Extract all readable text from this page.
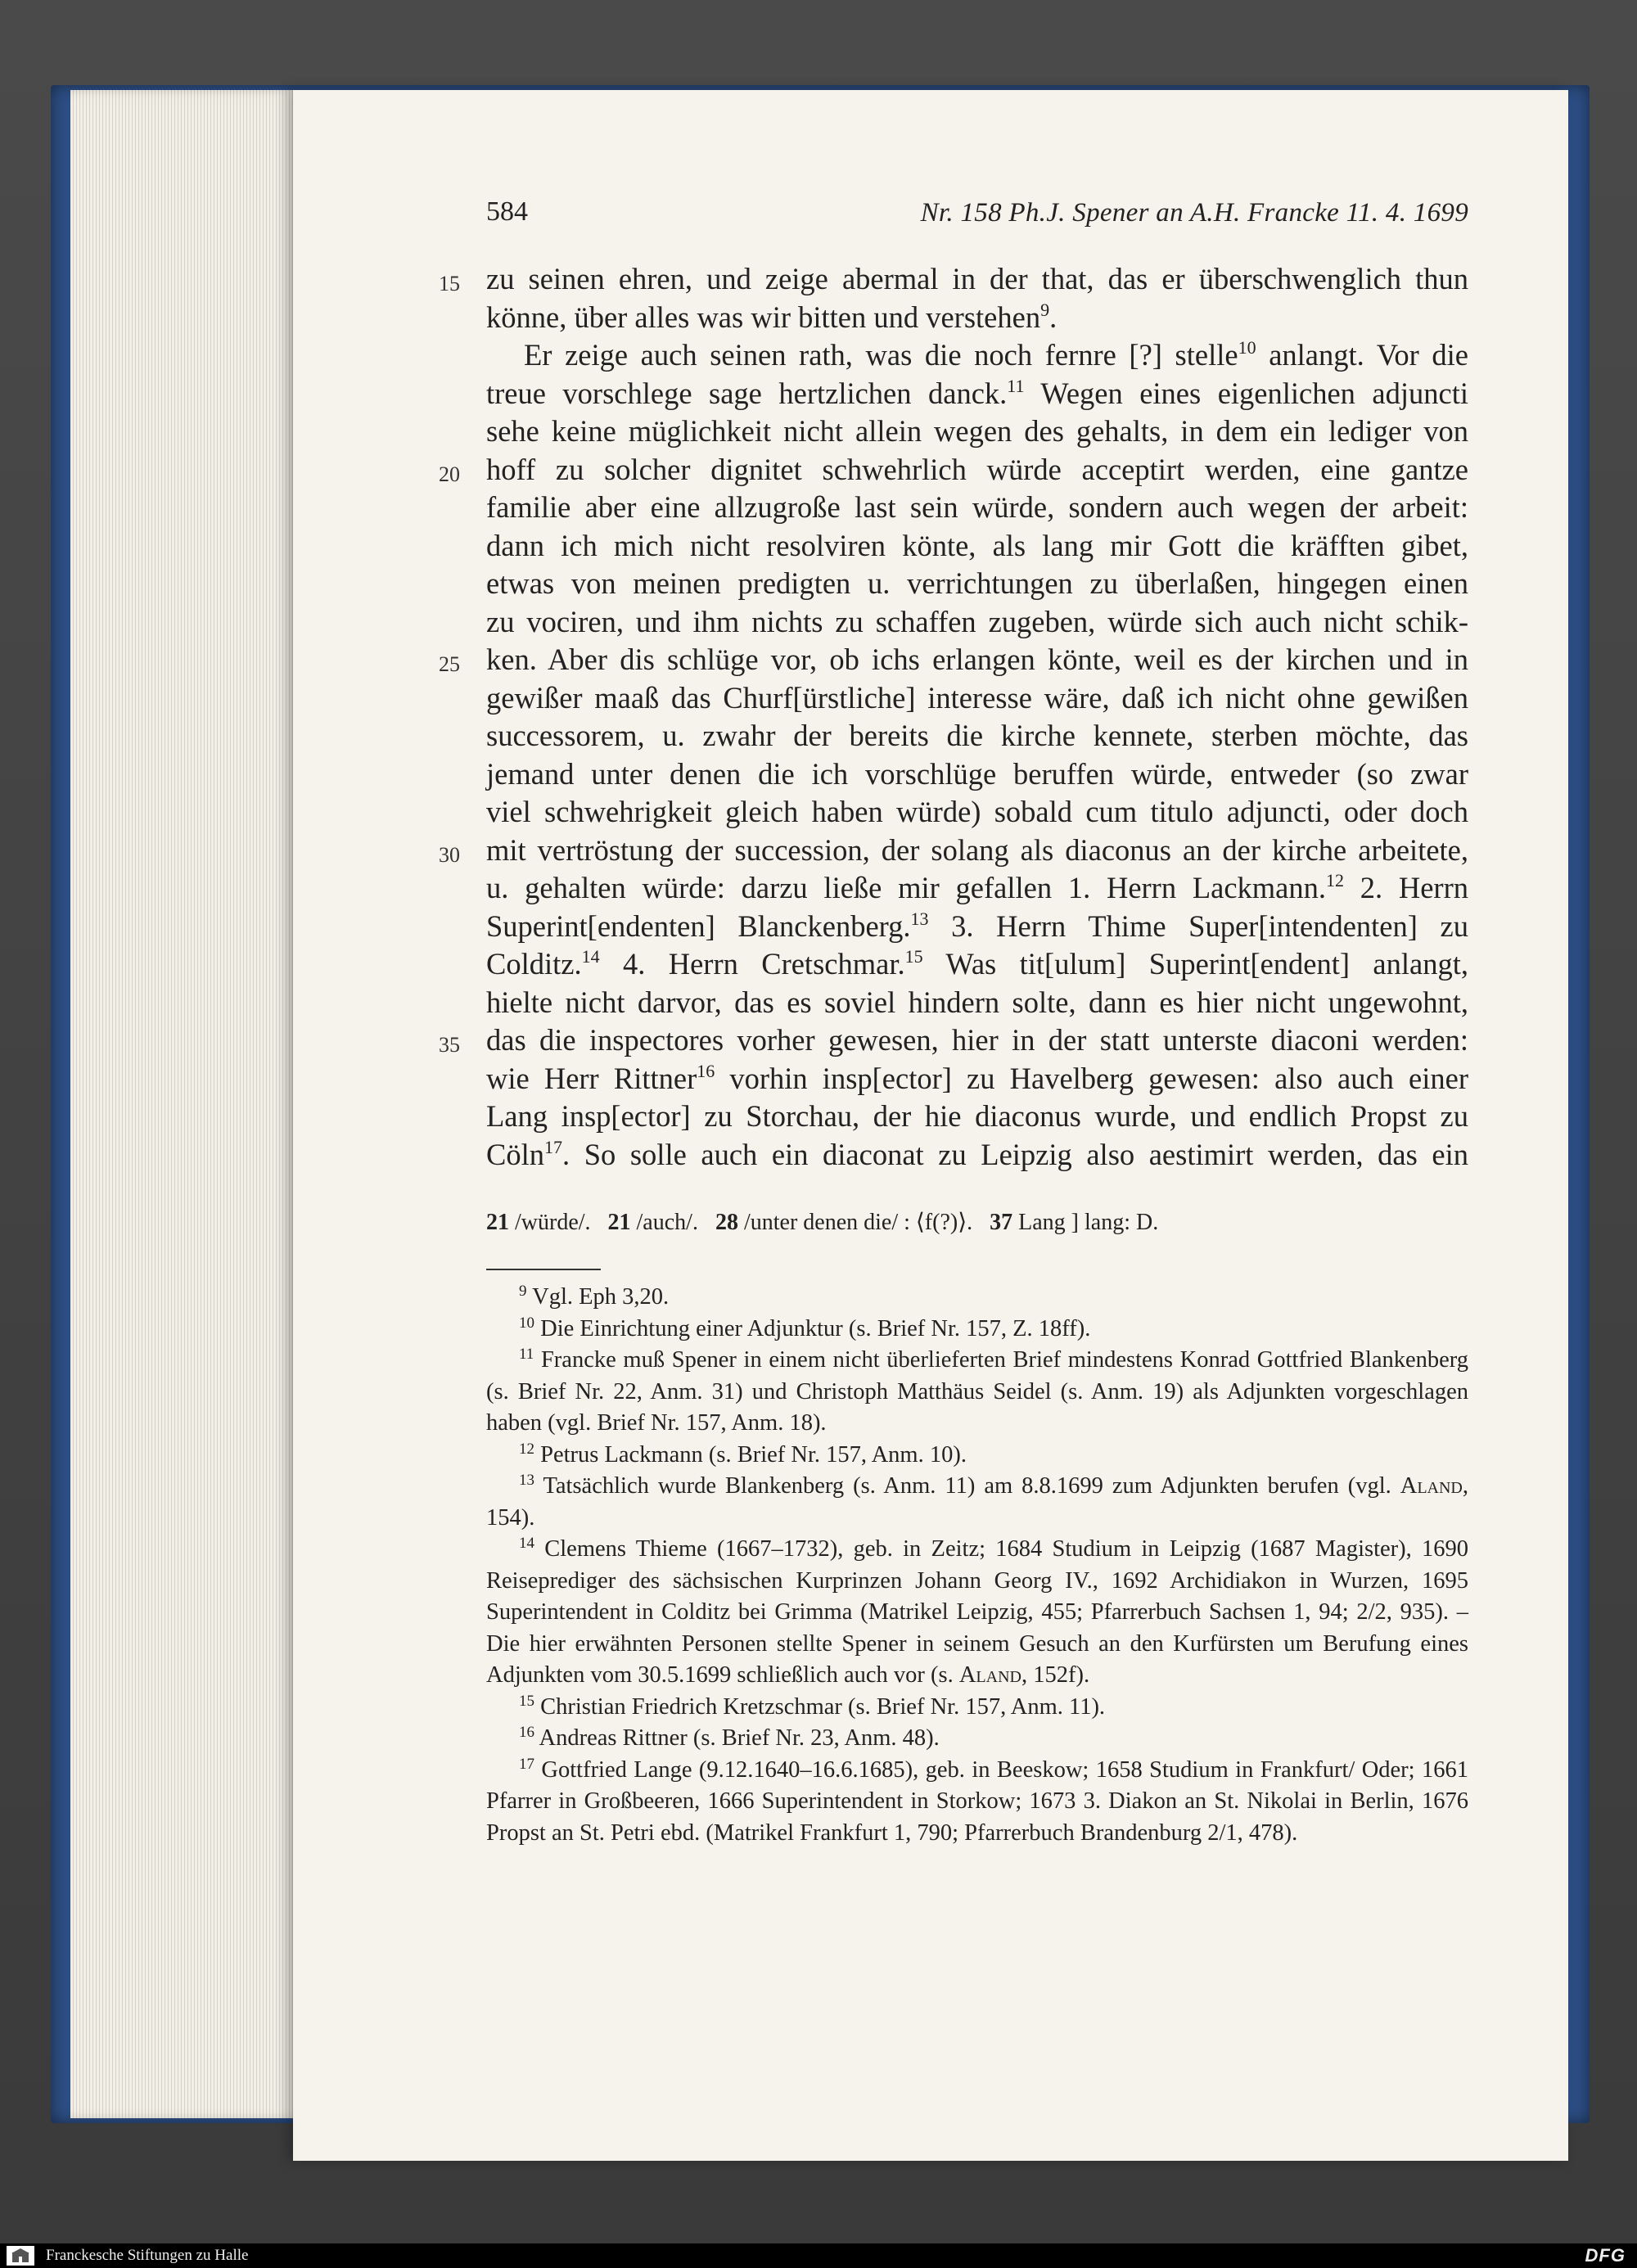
584	Nr. 158 Ph.J. Spener an A.H. Francke 11. 4. 1699
15 zu seinen ehren, und zeige abermal in der that, das er überschwenglich thun
könne, über alles was wir bitten und verstehen$^9$.
Er zeige auch seinen rath, was die noch fernre [?] stelle$^{10}$ anlangt. Vor die
treue vorschlege sage hertzlichen danck.$^{11}$ Wegen eines eigenlichen adjuncti
sehe keine müglichkeit nicht allein wegen des gehalts, in dem ein lediger von
20 hoff zu solcher dignitet schwehrlich würde acceptirt werden, eine gantze
familie aber eine allzugroße last sein würde, sondern auch wegen der arbeit:
dann ich mich nicht resolviren könte, als lang mir Gott die kräfften gibet,
etwas von meinen predigten u. verrichtungen zu überlaßen, hingegen einen
zu vociren, und ihm nichts zu schaffen zugeben, würde sich auch nicht schik-
25 ken. Aber dis schlüge vor, ob ichs erlangen könte, weil es der kirchen und in
gewißer maaß das Churf[ürstliche] interesse wäre, daß ich nicht ohne gewißen
successorem, u. zwahr der bereits die kirche kennete, sterben möchte, das
jemand unter denen die ich vorschlüge beruffen würde, entweder (so zwar
viel schwehrigkeit gleich haben würde) sobald cum titulo adjuncti, oder doch
30 mit vertröstung der succession, der solang als diaconus an der kirche arbeitete,
u. gehalten würde: darzu ließe mir gefallen 1. Herrn Lackmann.$^{12}$ 2. Herrn
Superint[endenten] Blanckenberg.$^{13}$ 3. Herrn Thime Super[intendenten] zu
Colditz.$^{14}$ 4. Herrn Cretschmar.$^{15}$ Was tit[ulum] Superint[endent] anlangt,
hielte nicht darvor, das es soviel hindern solte, dann es hier nicht ungewohnt,
35 das die inspectores vorher gewesen, hier in der statt unterste diaconi werden:
wie Herr Rittner$^{16}$ vorhin insp[ector] zu Havelberg gewesen: also auch einer
Lang insp[ector] zu Storchau, der hie diaconus wurde, und endlich Propst zu
Cöln$^{17}$. So solle auch ein diaconat zu Leipzig also aestimirt werden, das ein
21 /würde/.   21 /auch/.   28 /unter denen die/ : ⟨f(?)⟩.   37 Lang ] lang: D.

$^9$ Vgl. Eph 3,20.

$^{10}$ Die Einrichtung einer Adjunktur (s. Brief Nr. 157, Z. 18ff).

$^{11}$ Francke muß Spener in einem nicht überlieferten Brief mindestens Konrad Gottfried Blankenberg (s. Brief Nr. 22, Anm. 31) und Christoph Matthäus Seidel (s. Anm. 19) als Adjunkten vorgeschlagen haben (vgl. Brief Nr. 157, Anm. 18).

$^{12}$ Petrus Lackmann (s. Brief Nr. 157, Anm. 10).

$^{13}$ Tatsächlich wurde Blankenberg (s. Anm. 11) am 8.8.1699 zum Adjunkten berufen (vgl. Aland, 154).

$^{14}$ Clemens Thieme (1667–1732), geb. in Zeitz; 1684 Studium in Leipzig (1687 Magister), 1690 Reiseprediger des sächsischen Kurprinzen Johann Georg IV., 1692 Archidiakon in Wurzen, 1695 Superintendent in Colditz bei Grimma (Matrikel Leipzig, 455; Pfarrerbuch Sachsen 1, 94; 2/2, 935). – Die hier erwähnten Personen stellte Spener in seinem Gesuch an den Kurfürsten um Berufung eines Adjunkten vom 30.5.1699 schließlich auch vor (s. Aland, 152f).

$^{15}$ Christian Friedrich Kretzschmar (s. Brief Nr. 157, Anm. 11).

$^{16}$ Andreas Rittner (s. Brief Nr. 23, Anm. 48).

$^{17}$ Gottfried Lange (9.12.1640–16.6.1685), geb. in Beeskow; 1658 Studium in Frankfurt/ Oder; 1661 Pfarrer in Großbeeren, 1666 Superintendent in Storkow; 1673 3. Diakon an St. Nikolai in Berlin, 1676 Propst an St. Petri ebd. (Matrikel Frankfurt 1, 790; Pfarrerbuch Brandenburg 2/1, 478).

Franckesche Stiftungen zu Halle	DFG
